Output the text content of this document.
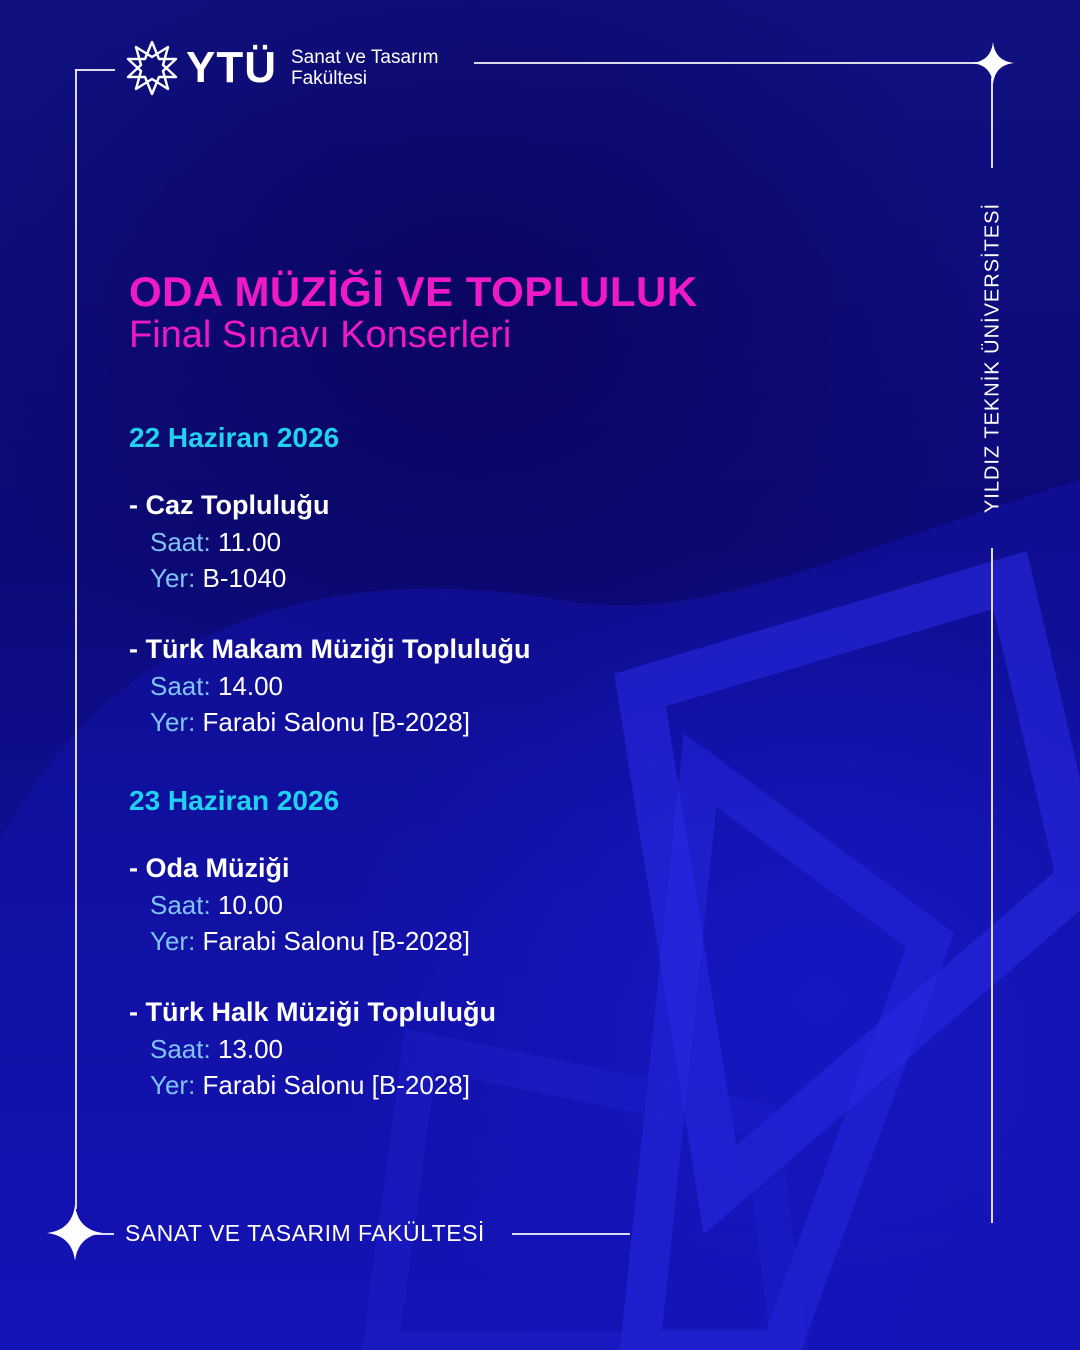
YTÜ Sanat ve Tasarım
Fakültesi
YILDIZ TEKNİK ÜNİVERSİTESİ
SANAT VE TASARIM FAKÜLTESİ
ODA MÜZİĞİ VE TOPLULUK
Final Sınavı Konserleri
22 Haziran 2026
- Caz Topluluğu
Saat: 11.00
Yer: B-1040
- Türk Makam Müziği Topluluğu
Saat: 14.00
Yer: Farabi Salonu [B-2028]
23 Haziran 2026
- Oda Müziği
Saat: 10.00
Yer: Farabi Salonu [B-2028]
- Türk Halk Müziği Topluluğu
Saat: 13.00
Yer: Farabi Salonu [B-2028]
